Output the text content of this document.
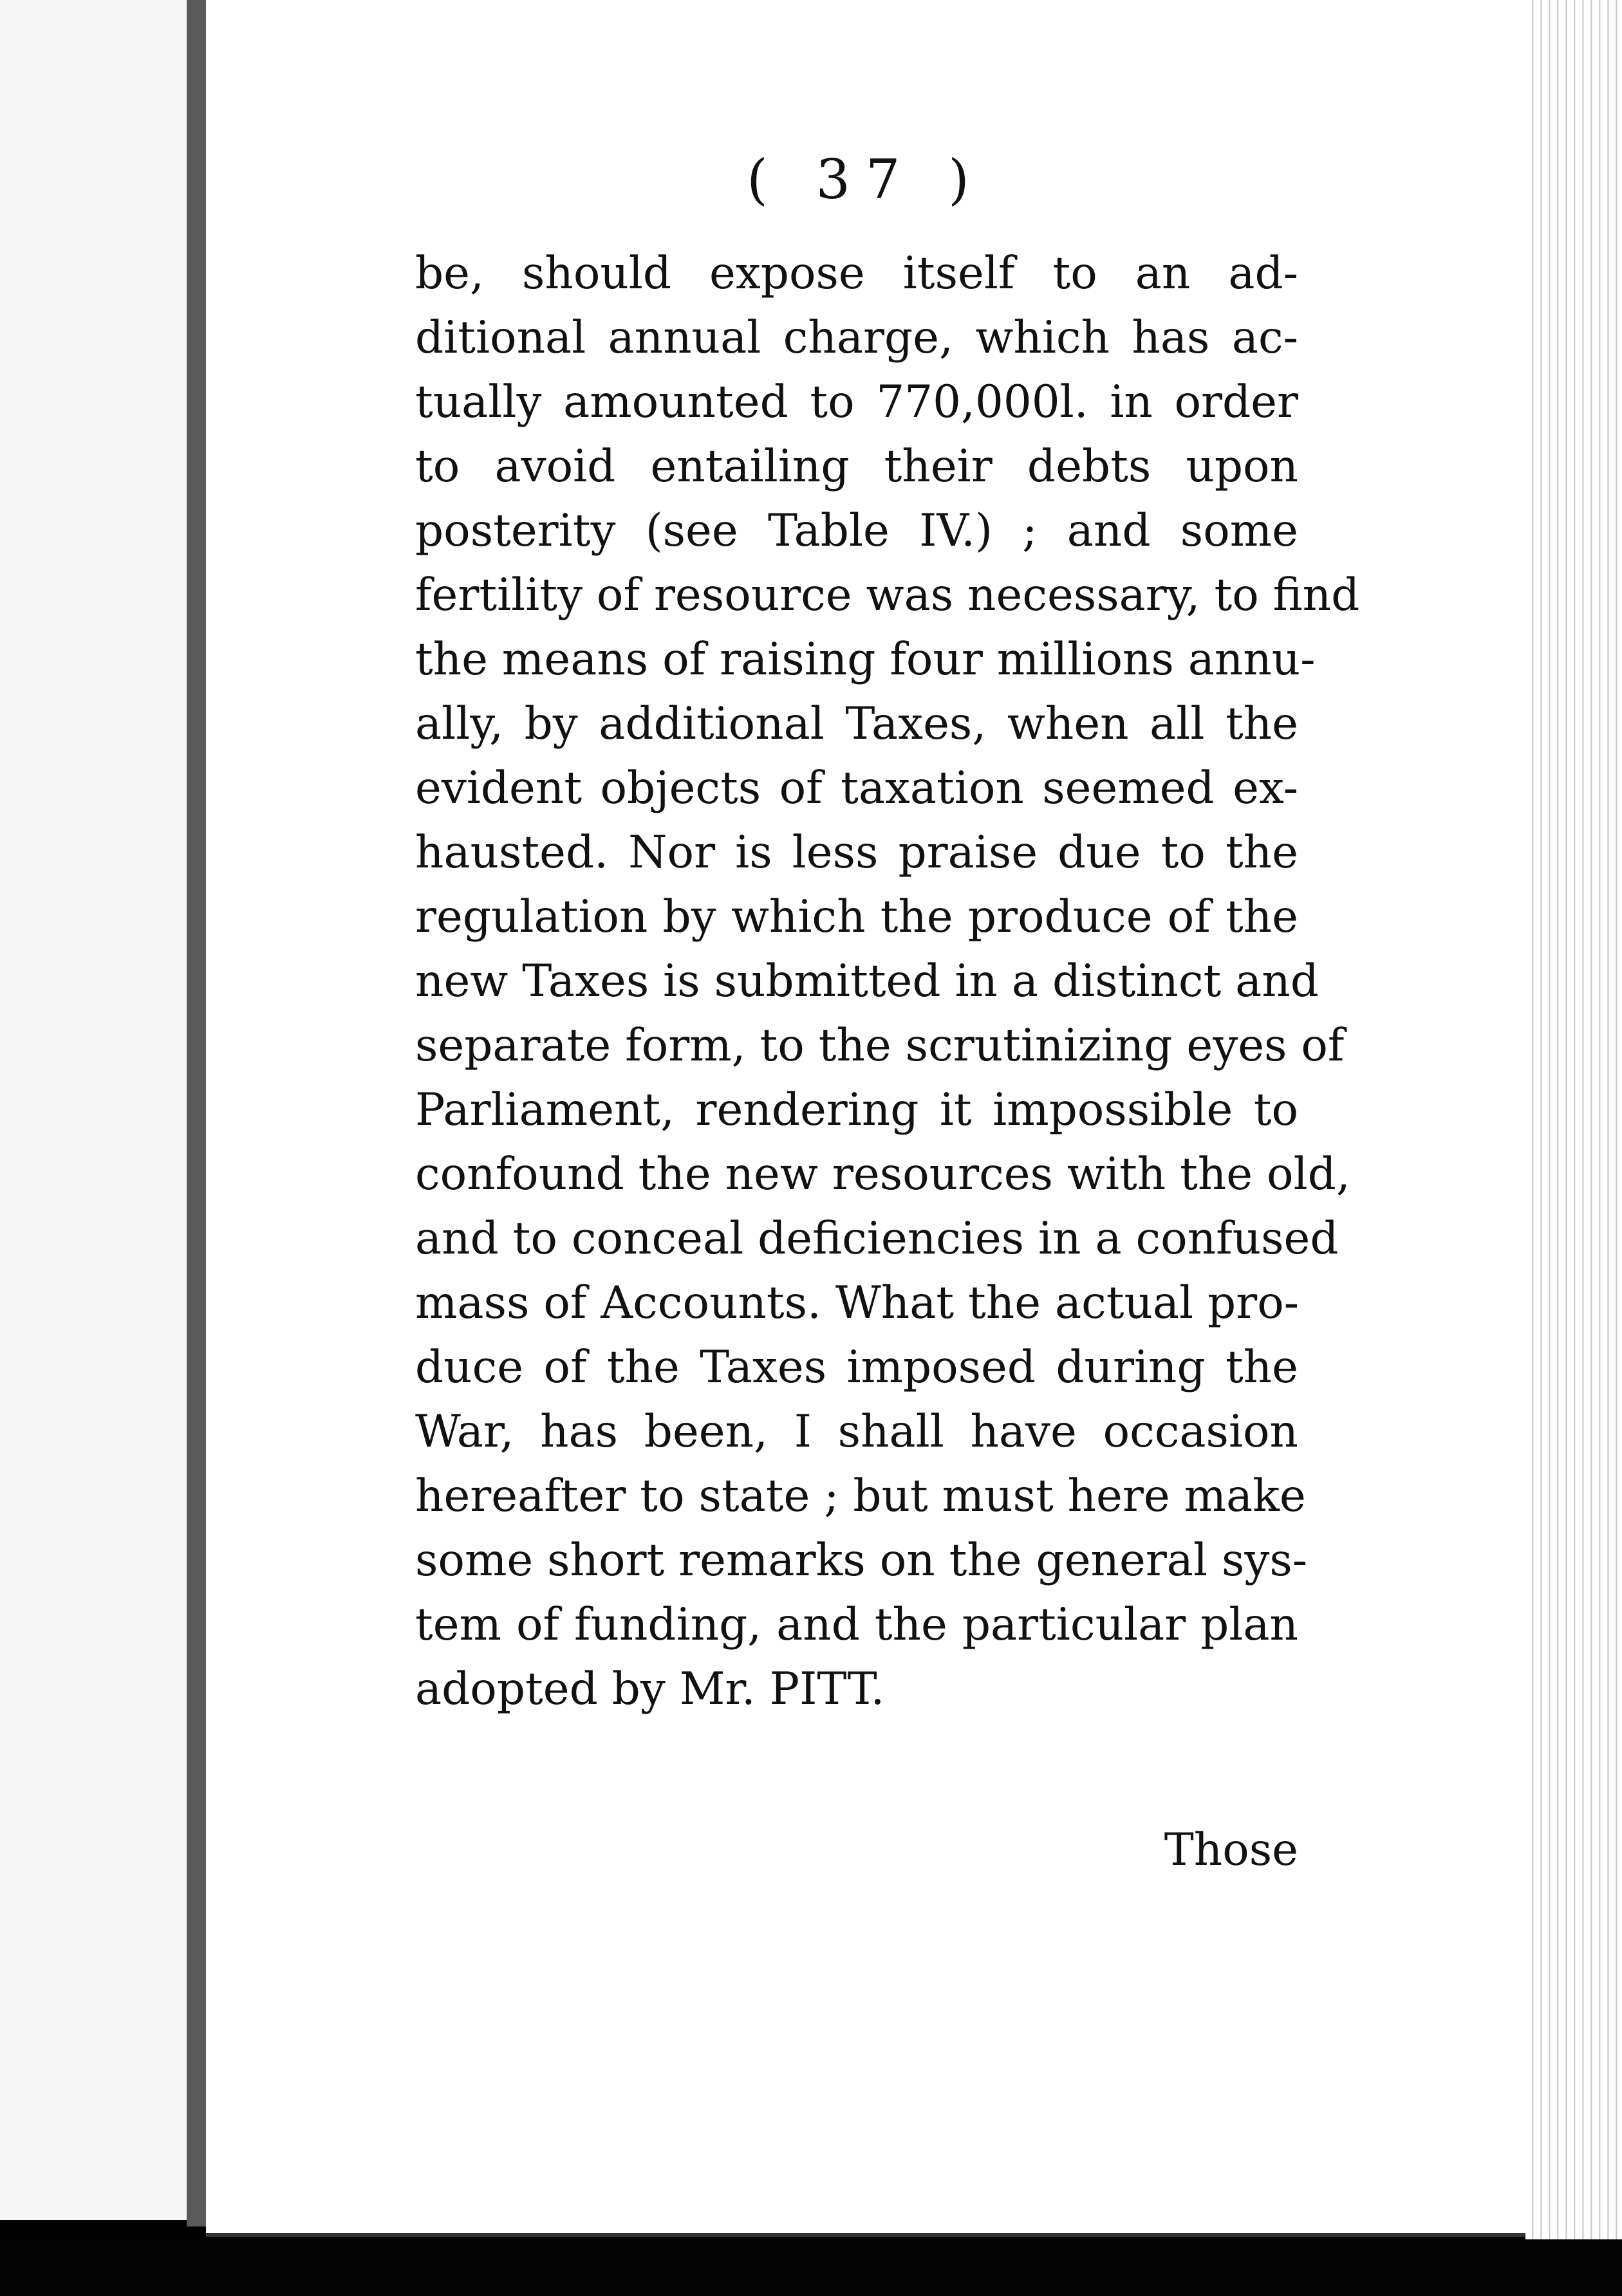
( 37 )
be, should expose itself to an ad-
ditional annual charge, which has ac-
tually amounted to 770,000l. in order
to avoid entailing their debts upon
posterity (see Table IV.) ; and some
fertility of resource was necessary, to find
the means of raising four millions annu-
ally, by additional Taxes, when all the
evident objects of taxation seemed ex-
hausted. Nor is less praise due to the
regulation by which the produce of the
new Taxes is submitted in a distinct and
separate form, to the scrutinizing eyes of
Parliament, rendering it impossible to
confound the new resources with the old,
and to conceal deficiencies in a confused
mass of Accounts. What the actual pro-
duce of the Taxes imposed during the
War, has been, I shall have occasion
hereafter to state ; but must here make
some short remarks on the general sys-
tem of funding, and the particular plan
adopted by Mr. PITT.
Those
